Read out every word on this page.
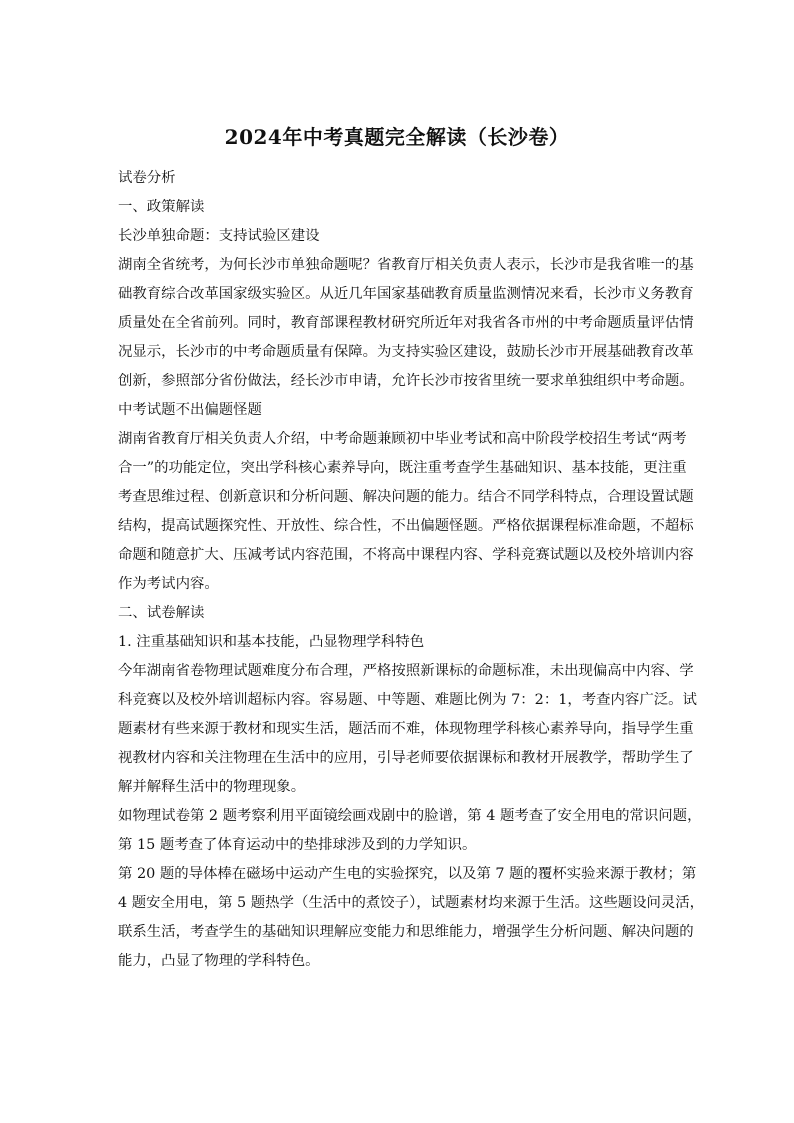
2024年中考真题完全解读（长沙卷）

试卷分析

一、政策解读

长沙单独命题：支持试验区建设

湖南全省统考，为何长沙市单独命题呢？省教育厅相关负责人表示，长沙市是我省唯一的基
础教育综合改革国家级实验区。从近几年国家基础教育质量监测情况来看，长沙市义务教育
质量处在全省前列。同时，教育部课程教材研究所近年对我省各市州的中考命题质量评估情
况显示，长沙市的中考命题质量有保障。为支持实验区建设，鼓励长沙市开展基础教育改革
创新，参照部分省份做法，经长沙市申请，允许长沙市按省里统一要求单独组织中考命题。

中考试题不出偏题怪题

湖南省教育厅相关负责人介绍，中考命题兼顾初中毕业考试和高中阶段学校招生考试“两考
合一”的功能定位，突出学科核心素养导向，既注重考查学生基础知识、基本技能，更注重
考查思维过程、创新意识和分析问题、解决问题的能力。结合不同学科特点，合理设置试题
结构，提高试题探究性、开放性、综合性，不出偏题怪题。严格依据课程标准命题，不超标
命题和随意扩大、压减考试内容范围，不将高中课程内容、学科竞赛试题以及校外培训内容
作为考试内容。

二、试卷解读

1. 注重基础知识和基本技能，凸显物理学科特色

今年湖南省卷物理试题难度分布合理，严格按照新课标的命题标准，未出现偏高中内容、学
科竞赛以及校外培训超标内容。容易题、中等题、难题比例为 7：2：1，考查内容广泛。试
题素材有些来源于教材和现实生活，题活而不难，体现物理学科核心素养导向，指导学生重
视教材内容和关注物理在生活中的应用，引导老师要依据课标和教材开展教学，帮助学生了
解并解释生活中的物理现象。
如物理试卷第 2 题考察利用平面镜绘画戏剧中的脸谱，第 4 题考查了安全用电的常识问题，
第 15 题考查了体育运动中的垫排球涉及到的力学知识。
第 20 题的导体棒在磁场中运动产生电的实验探究，以及第 7 题的覆杯实验来源于教材；第
4 题安全用电，第 5 题热学（生活中的煮饺子），试题素材均来源于生活。这些题设问灵活，
联系生活，考查学生的基础知识理解应变能力和思维能力，增强学生分析问题、解决问题的
能力，凸显了物理的学科特色。
